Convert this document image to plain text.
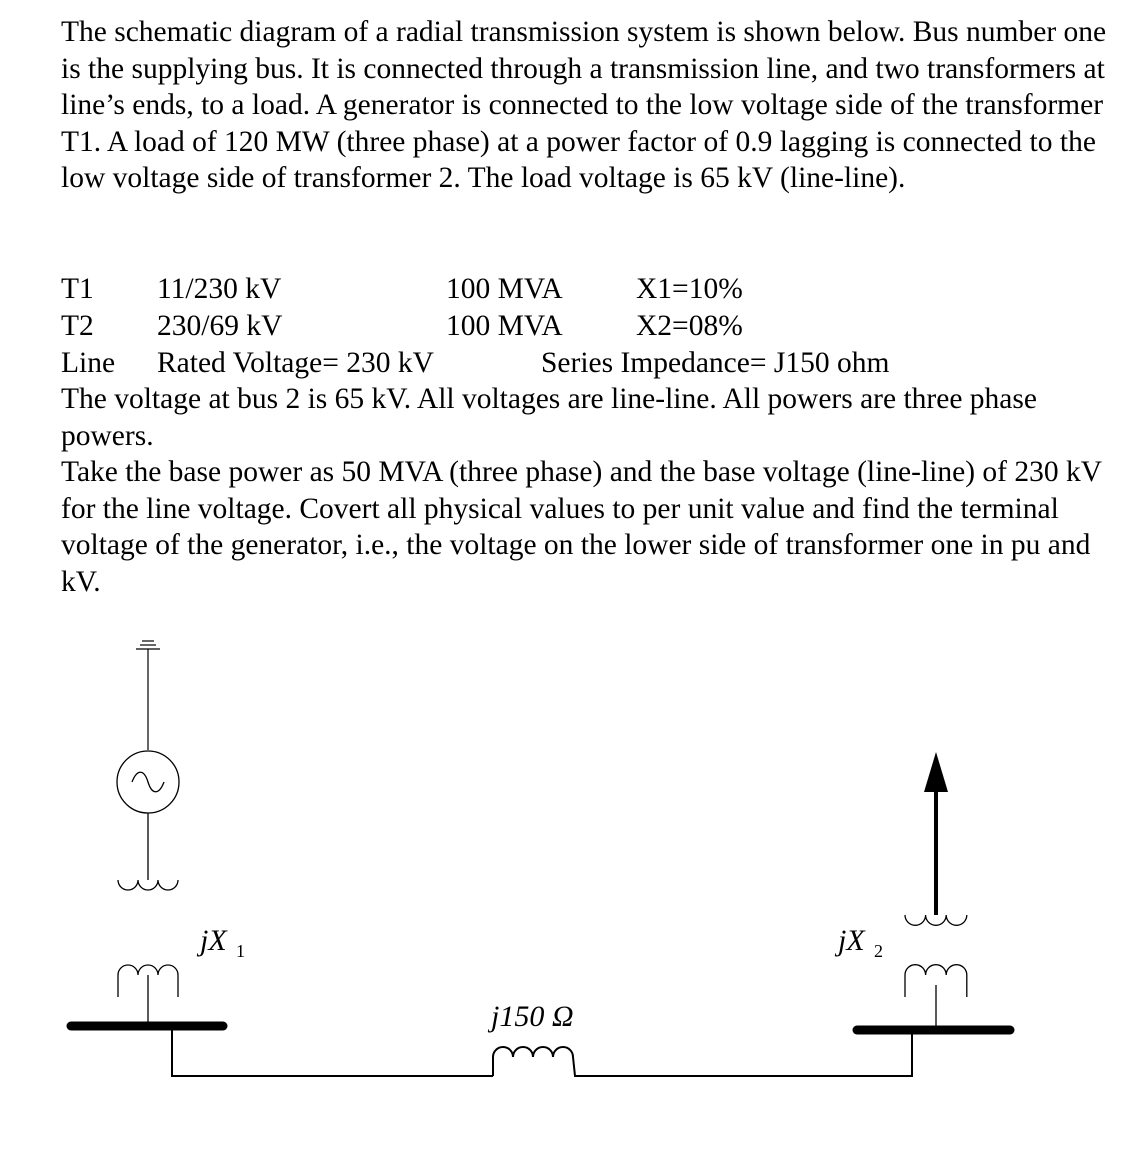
The schematic diagram of a radial transmission system is shown below. Bus number one is the supplying bus. It is connected through a transmission line, and two transformers at line’s ends, to a load. A generator is connected to the low voltage side of the transformer T1. A load of 120 MW (three phase) at a power factor of 0.9 lagging is connected to the low voltage side of transformer 2. The load voltage is 65 kV (line-line).
T1 11/230 kV	100 MVA X1=10%
T2 230/69 kV	100 MVA X2=08%
Line Rated Voltage= 230 kV	Series Impedance= J150 ohm
The voltage at bus 2 is 65 kV. All voltages are line-line. All powers are three phase powers.
Take the base power as 50 MVA (three phase) and the base voltage (line-line) of 230 kV for the line voltage. Covert all physical values to per unit value and find the terminal voltage of the generator, i.e., the voltage on the lower side of transformer one in pu and kV.
jX 1	jX 2
j150 Ω
